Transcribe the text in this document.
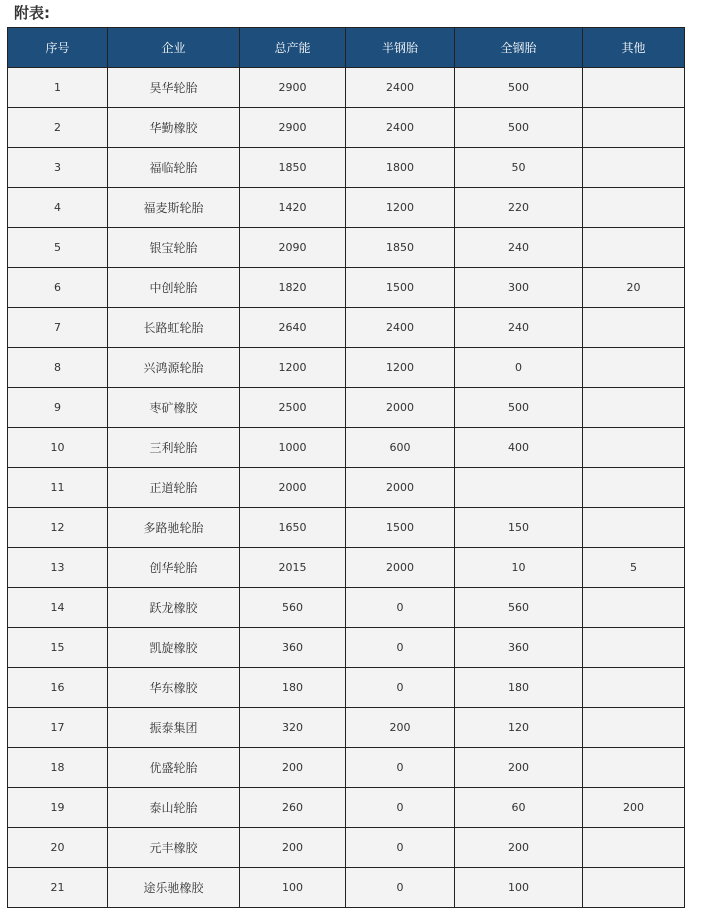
附表:
序号	企业	总产能	半钢胎	全钢胎	其他
1	昊华轮胎	2900	2400	500	
2	华勤橡胶	2900	2400	500	
3	福临轮胎	1850	1800	50	
4	福麦斯轮胎	1420	1200	220	
5	银宝轮胎	2090	1850	240	
6	中创轮胎	1820	1500	300	20
7	长路虹轮胎	2640	2400	240	
8	兴鸿源轮胎	1200	1200	0	
9	枣矿橡胶	2500	2000	500	
10	三利轮胎	1000	600	400	
11	正道轮胎	2000	2000		
12	多路驰轮胎	1650	1500	150	
13	创华轮胎	2015	2000	10	5
14	跃龙橡胶	560	0	560	
15	凯旋橡胶	360	0	360	
16	华东橡胶	180	0	180	
17	振泰集团	320	200	120	
18	优盛轮胎	200	0	200	
19	泰山轮胎	260	0	60	200
20	元丰橡胶	200	0	200	
21	途乐驰橡胶	100	0	100	
